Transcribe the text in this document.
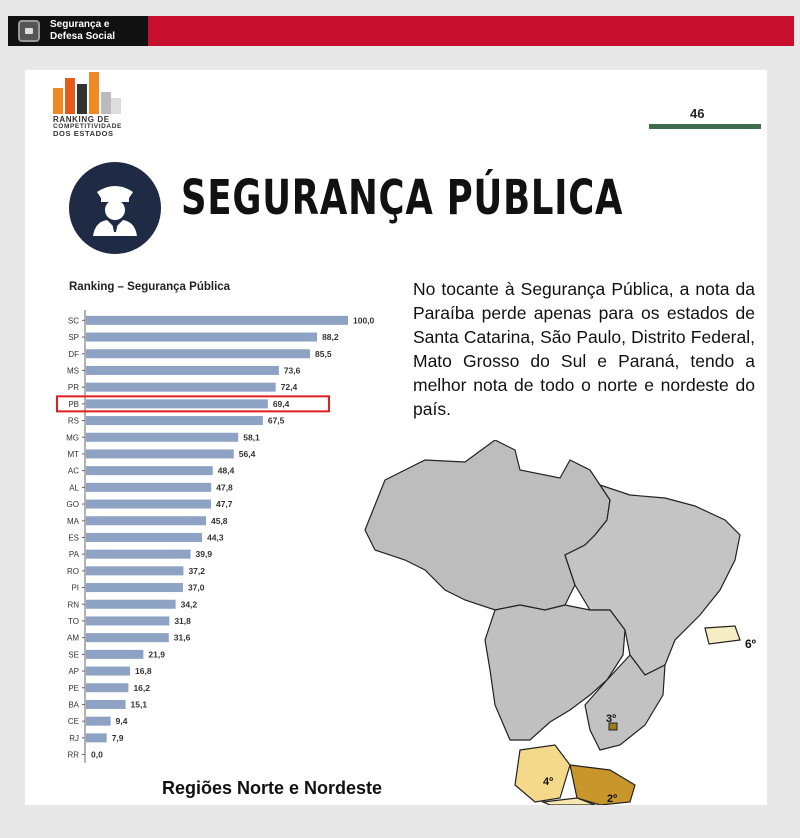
Segurança e
Defesa Social
RANKING DE
COMPETITIVIDADE
DOS ESTADOS
46
SEGURANÇA PÚBLICA
Ranking – Segurança Pública
SC	100,0
SP	88,2
DF	85,5
MS	73,6
PR	72,4
PB	69,4
RS	67,5
MG	58,1
MT	56,4
AC	48,4
AL	47,8
GO	47,7
MA	45,8
ES	44,3
PA	39,9
RO	37,2
PI	37,0
RN	34,2
TO	31,8
AM	31,6
SE	21,9
AP	16,8
PE	16,2
BA	15,1
CE	9,4
RJ	7,9
RR 0,0
No tocante à Segurança Pública, a nota da Paraíba perde apenas para os estados de Santa Catarina, São Paulo, Distrito Federal, Mato Grosso do Sul e Paraná, tendo a melhor nota de todo o norte e nordeste do país.
6º
3º
4º
2º
Regiões Norte e Nordeste
